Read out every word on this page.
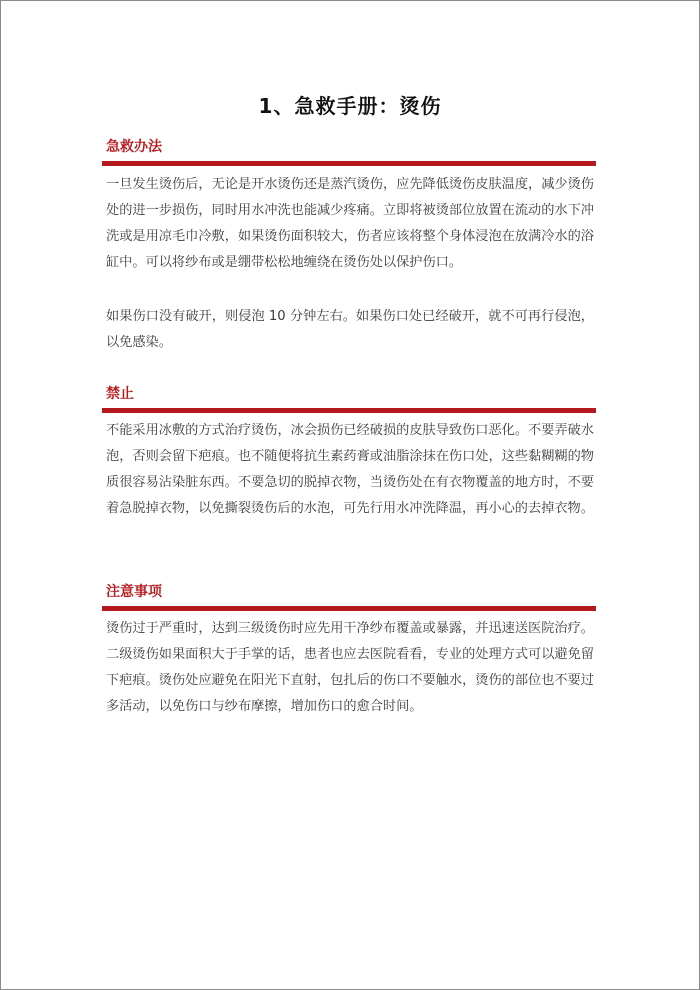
1、急救手册：烫伤
急救办法

一旦发生烫伤后，无论是开水烫伤还是蒸汽烫伤，应先降低烫伤皮肤温度，减少烫伤处的进一步损伤，同时用水冲洗也能减少疼痛。立即将被烫部位放置在流动的水下冲洗或是用凉毛巾冷敷，如果烫伤面积较大，伤者应该将整个身体浸泡在放满冷水的浴缸中。可以将纱布或是绷带松松地缠绕在烫伤处以保护伤口。

如果伤口没有破开，则侵泡 10 分钟左右。如果伤口处已经破开，就不可再行侵泡，以免感染。

禁止

不能采用冰敷的方式治疗烫伤，冰会损伤已经破损的皮肤导致伤口恶化。不要弄破水泡，否则会留下疤痕。也不随便将抗生素药膏或油脂涂抹在伤口处，这些黏糊糊的物质很容易沾染脏东西。不要急切的脱掉衣物，当烫伤处在有衣物覆盖的地方时，不要着急脱掉衣物，以免撕裂烫伤后的水泡，可先行用水冲洗降温，再小心的去掉衣物。

注意事项

烫伤过于严重时，达到三级烫伤时应先用干净纱布覆盖或暴露，并迅速送医院治疗。二级烫伤如果面积大于手掌的话，患者也应去医院看看，专业的处理方式可以避免留下疤痕。烫伤处应避免在阳光下直射，包扎后的伤口不要触水，烫伤的部位也不要过多活动，以免伤口与纱布摩擦，增加伤口的愈合时间。
